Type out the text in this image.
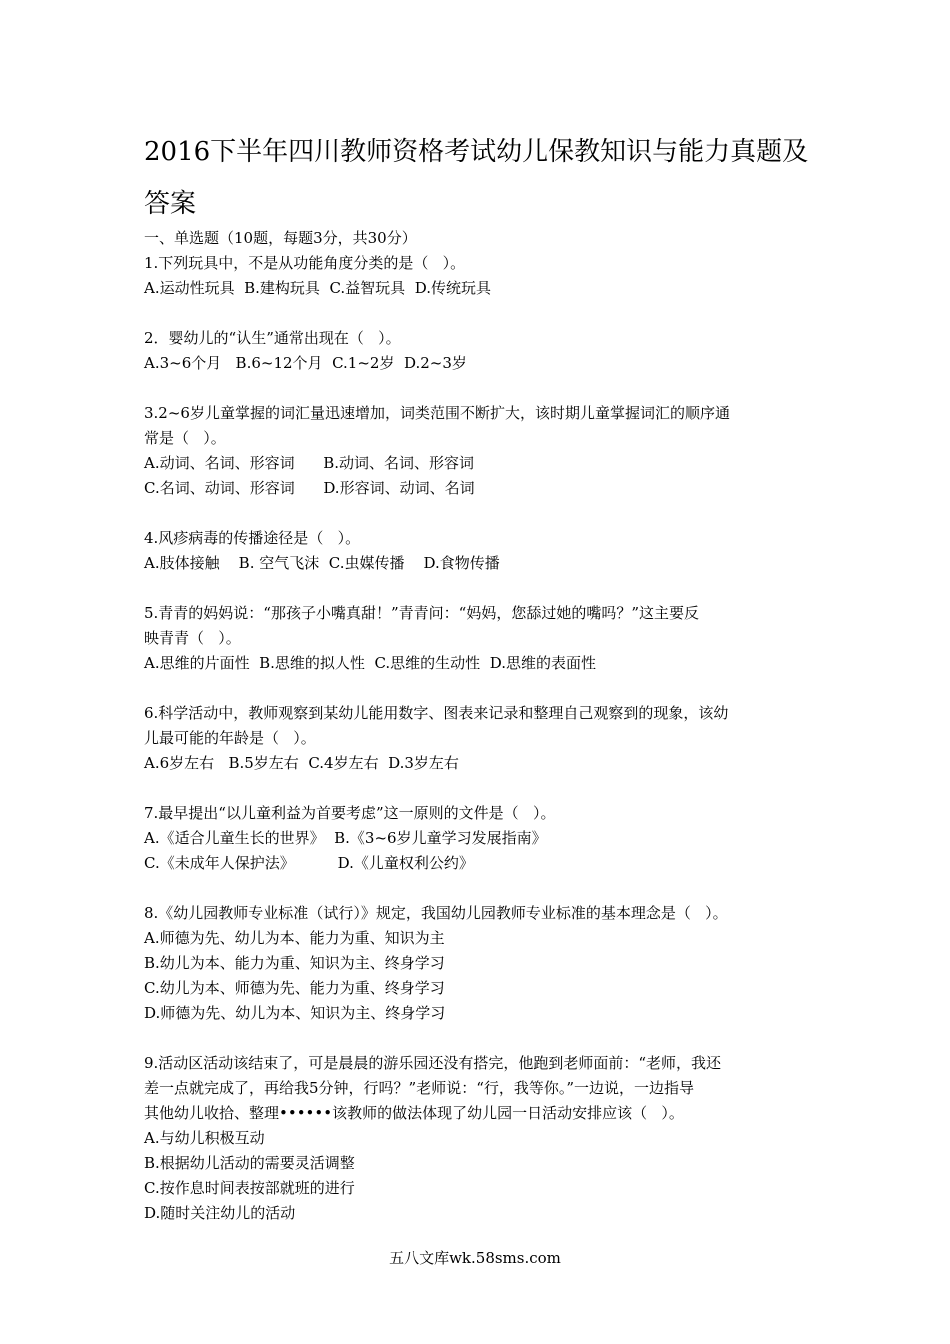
2016下半年四川教师资格考试幼儿保教知识与能力真题及
答案
一、单选题（10题，每题3分，共30分）
1.下列玩具中，不是从功能角度分类的是（   ）。
A.运动性玩具  B.建构玩具  C.益智玩具  D.传统玩具
2．婴幼儿的“认生”通常出现在（   ）。
A.3~6个月   B.6~12个月  C.1~2岁  D.2~3岁
3.2~6岁儿童掌握的词汇量迅速增加，词类范围不断扩大，该时期儿童掌握词汇的顺序通
常是（   ）。
A.动词、名词、形容词      B.动词、名词、形容词
C.名词、动词、形容词      D.形容词、动词、名词
4.风疹病毒的传播途径是（   ）。
A.肢体接触    B. 空气飞沫  C.虫媒传播    D.食物传播
5.青青的妈妈说：“那孩子小嘴真甜！”青青问：“妈妈，您舔过她的嘴吗？”这主要反
映青青（   ）。
A.思维的片面性  B.思维的拟人性  C.思维的生动性  D.思维的表面性
6.科学活动中，教师观察到某幼儿能用数字、图表来记录和整理自己观察到的现象，该幼
儿最可能的年龄是（   ）。
A.6岁左右   B.5岁左右  C.4岁左右  D.3岁左右
7.最早提出“以儿童利益为首要考虑”这一原则的文件是（   ）。
A.《适合儿童生长的世界》  B.《3~6岁儿童学习发展指南》
C.《未成年人保护法》         D.《儿童权利公约》
8.《幼儿园教师专业标准（试行）》规定，我国幼儿园教师专业标准的基本理念是（   ）。
A.师德为先、幼儿为本、能力为重、知识为主
B.幼儿为本、能力为重、知识为主、终身学习
C.幼儿为本、师德为先、能力为重、终身学习
D.师德为先、幼儿为本、知识为主、终身学习
9.活动区活动该结束了，可是晨晨的游乐园还没有搭完，他跑到老师面前：“老师，我还
差一点就完成了，再给我5分钟，行吗？”老师说：“行，我等你。”一边说，一边指导
其他幼儿收拾、整理••••••该教师的做法体现了幼儿园一日活动安排应该（   ）。
A.与幼儿积极互动
B.根据幼儿活动的需要灵活调整
C.按作息时间表按部就班的进行
D.随时关注幼儿的活动
五八文库wk.58sms.com
